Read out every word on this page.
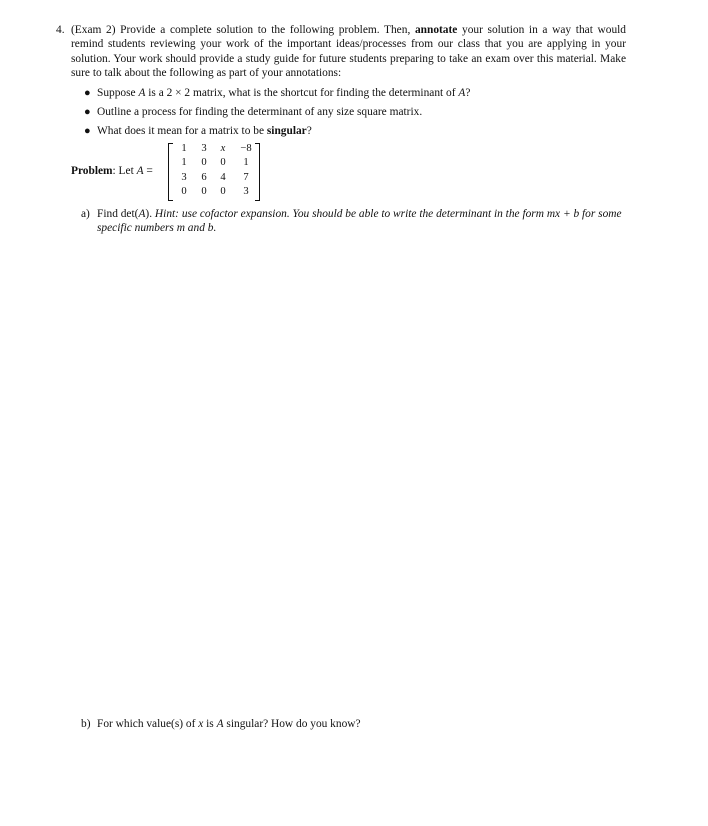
4. (Exam 2) Provide a complete solution to the following problem. Then, annotate your solution in a way that would remind students reviewing your work of the important ideas/processes from our class that you are applying in your solution. Your work should provide a study guide for future students preparing to take an exam over this material. Make sure to talk about the following as part of your annotations:
● Suppose A is a 2 × 2 matrix, what is the shortcut for finding the determinant of A?
● Outline a process for finding the determinant of any size square matrix.
● What does it mean for a matrix to be singular?
Problem: Let A =
1	3	x	−8
1	0	0	1
3	6	4	7
0	0	0	3
a) Find det(A). Hint: use cofactor expansion. You should be able to write the determinant in the form mx + b for some specific numbers m and b.
b) For which value(s) of x is A singular? How do you know?
